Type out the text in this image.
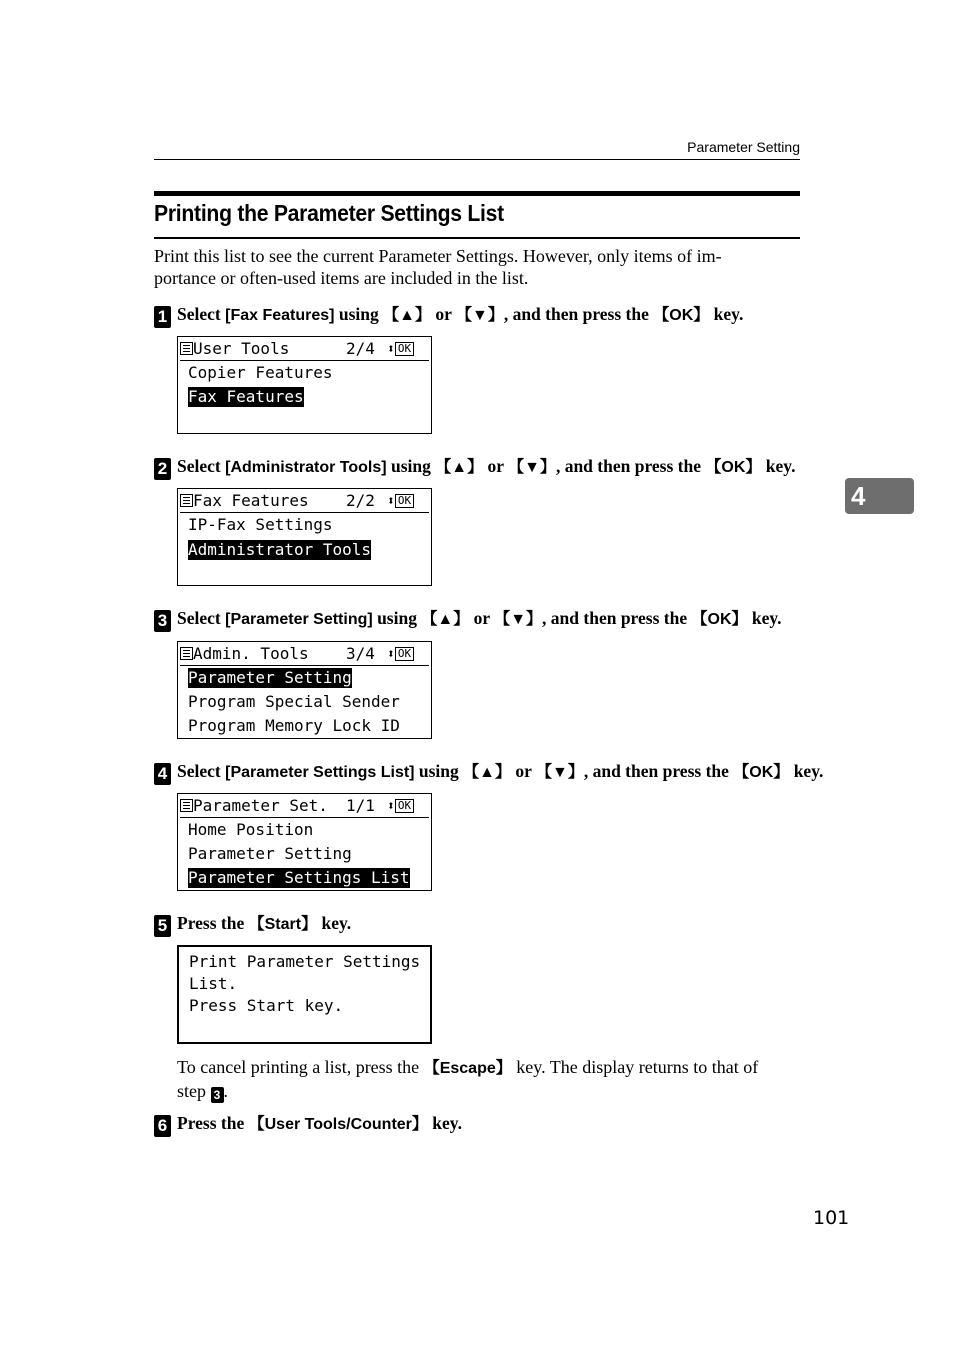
Parameter Setting
Printing the Parameter Settings List
Print this list to see the current Parameter Settings. However, only items of im-
portance or often-used items are included in the list.
1 Select [Fax Features] using 【▲】 or 【▼】, and then press the 【OK】 key.
User Tools	2/4 ⬍ OK
Copier Features
Fax Features
2 Select [Administrator Tools] using 【▲】 or 【▼】, and then press the 【OK】 key.
Fax Features 2/2 ⬍ OK
IP-Fax Settings
Administrator Tools
3 Select [Parameter Setting] using 【▲】 or 【▼】, and then press the 【OK】 key.
Admin. Tools 3/4 ⬍ OK
Parameter Setting
Program Special Sender
Program Memory Lock ID
4 Select [Parameter Settings List] using 【▲】 or 【▼】, and then press the 【OK】 key.
Parameter Set. 1/1 ⬍ OK
Home Position
Parameter Setting
Parameter Settings List
5 Press the 【Start】 key.
Print Parameter Settings
List.
Press Start key.
To cancel printing a list, press the 【Escape】 key. The display returns to that of
step 3 .
6 Press the 【User Tools/Counter】 key.
4
101
